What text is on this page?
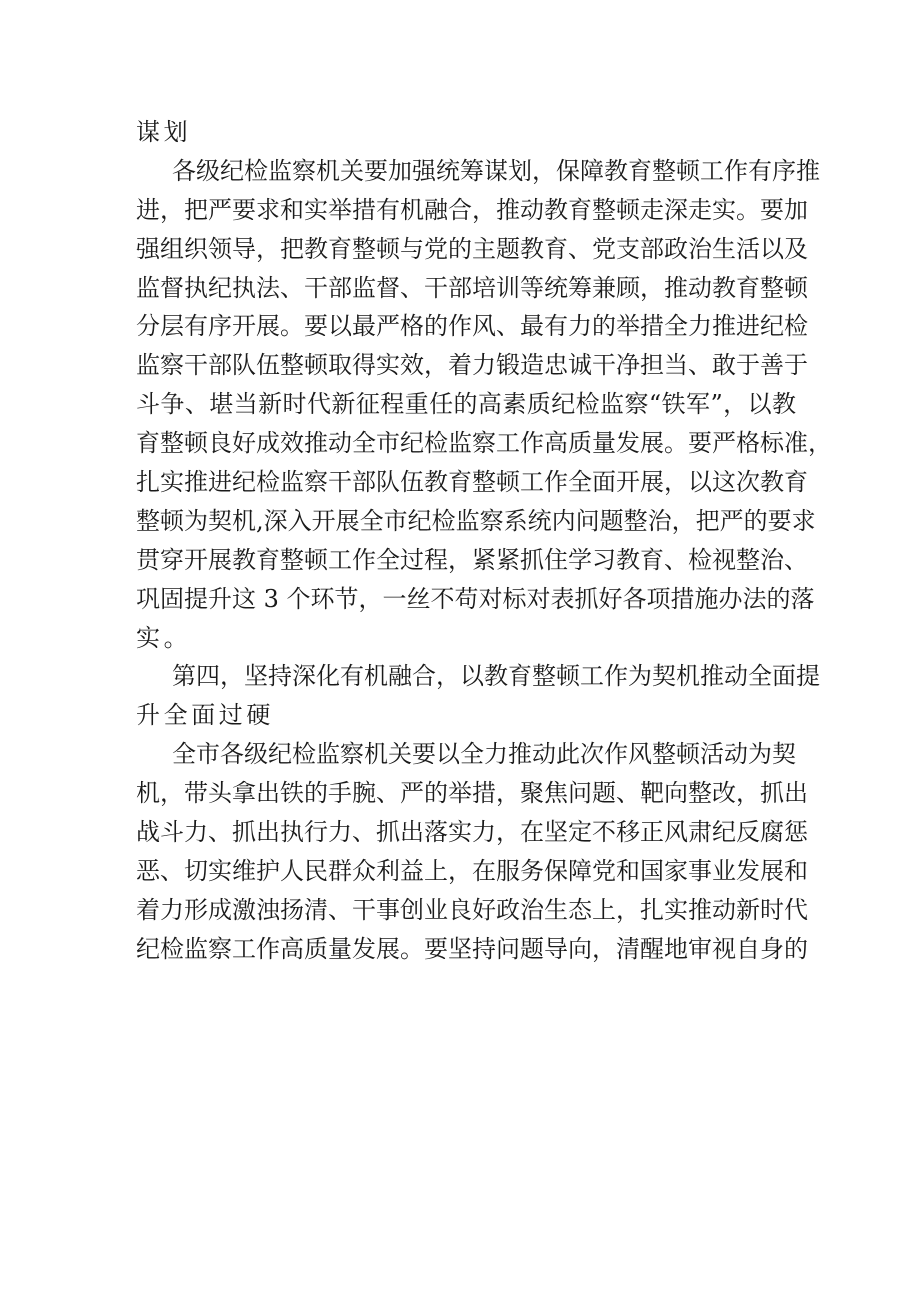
谋划
各级纪检监察机关要加强统筹谋划，保障教育整顿工作有序推
进，把严要求和实举措有机融合，推动教育整顿走深走实。要加
强组织领导，把教育整顿与党的主题教育、党支部政治生活以及
监督执纪执法、干部监督、干部培训等统筹兼顾，推动教育整顿
分层有序开展。要以最严格的作风、最有力的举措全力推进纪检
监察干部队伍整顿取得实效，着力锻造忠诚干净担当、敢于善于
斗争、堪当新时代新征程重任的高素质纪检监察“铁军”，以教
育整顿良好成效推动全市纪检监察工作高质量发展。要严格标准，
扎实推进纪检监察干部队伍教育整顿工作全面开展，以这次教育
整顿为契机,深入开展全市纪检监察系统内问题整治，把严的要求
贯穿开展教育整顿工作全过程，紧紧抓住学习教育、检视整治、
巩固提升这 3 个环节，一丝不苟对标对表抓好各项措施办法的落
实。
第四，坚持深化有机融合，以教育整顿工作为契机推动全面提
升全面过硬
全市各级纪检监察机关要以全力推动此次作风整顿活动为契
机，带头拿出铁的手腕、严的举措，聚焦问题、靶向整改，抓出
战斗力、抓出执行力、抓出落实力，在坚定不移正风肃纪反腐惩
恶、切实维护人民群众利益上，在服务保障党和国家事业发展和
着力形成激浊扬清、干事创业良好政治生态上，扎实推动新时代
纪检监察工作高质量发展。要坚持问题导向，清醒地审视自身的
